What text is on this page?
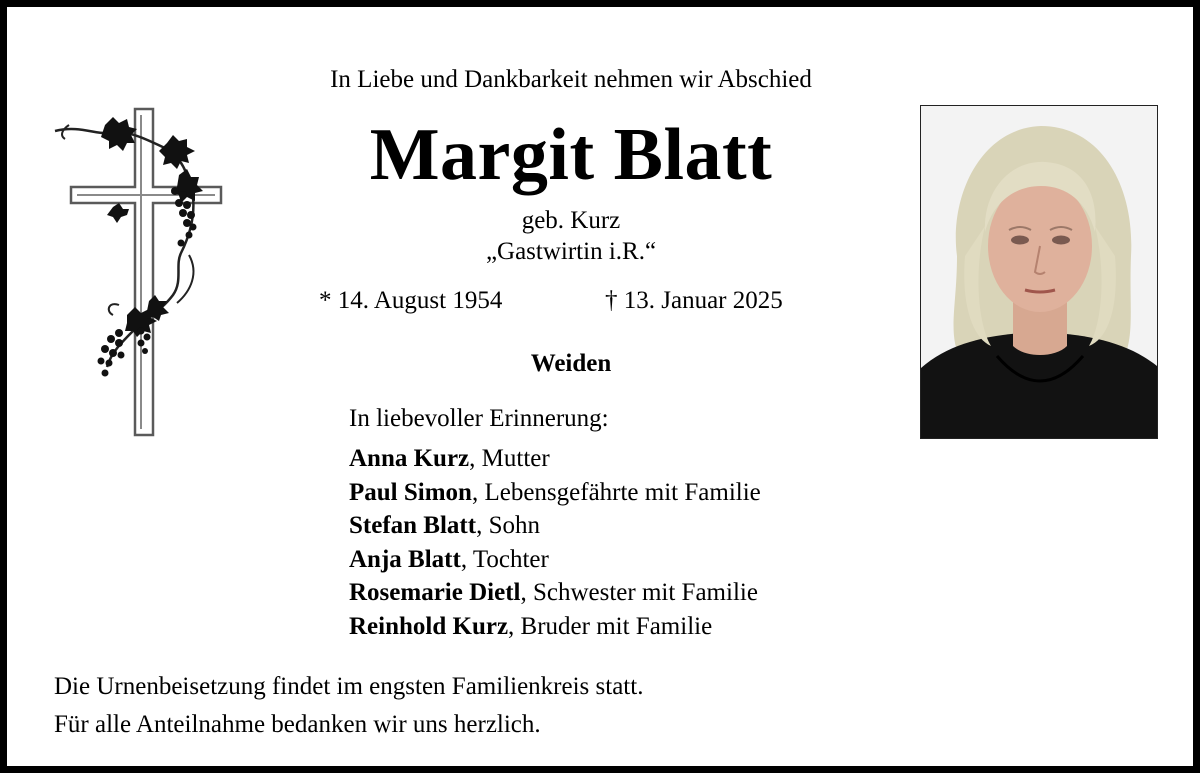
In Liebe und Dankbarkeit nehmen wir Abschied
Margit Blatt
geb. Kurz
„Gastwirtin i.R.“
* 14. August 1954	† 13. Januar 2025
Weiden
In liebevoller Erinnerung:
Anna Kurz, Mutter
Paul Simon, Lebensgefährte mit Familie
Stefan Blatt, Sohn
Anja Blatt, Tochter
Rosemarie Dietl, Schwester mit Familie
Reinhold Kurz, Bruder mit Familie
Die Urnenbeisetzung findet im engsten Familienkreis statt.
Für alle Anteilnahme bedanken wir uns herzlich.
